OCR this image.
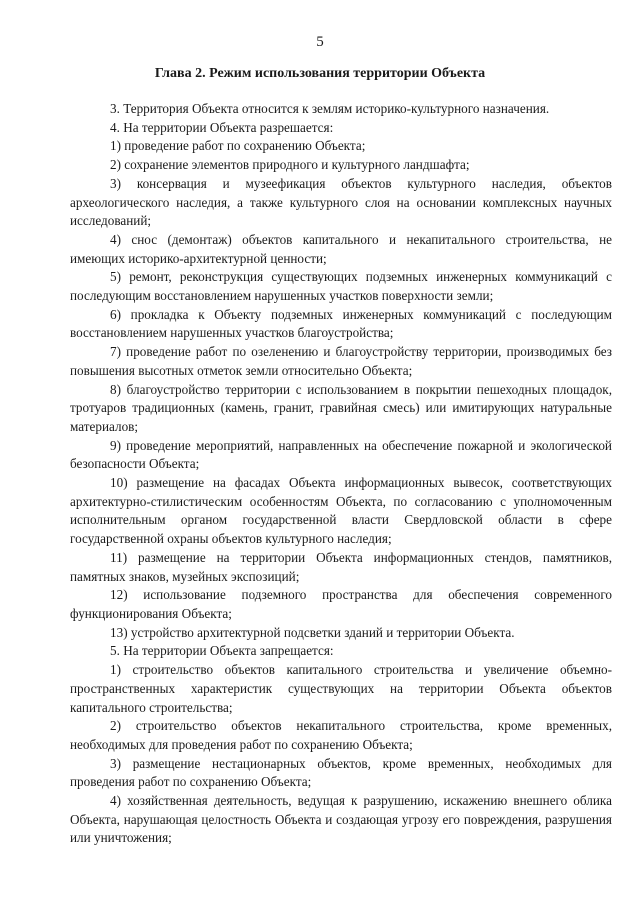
5
Глава 2. Режим использования территории Объекта

3. Территория Объекта относится к землям историко-культурного назначения.

4. На территории Объекта разрешается:

1) проведение работ по сохранению Объекта;

2) сохранение элементов природного и культурного ландшафта;

3) консервация и музеефикация объектов культурного наследия, объектов археологического наследия, а также культурного слоя на основании комплексных научных исследований;

4) снос (демонтаж) объектов капитального и некапитального строительства, не имеющих историко-архитектурной ценности;

5) ремонт, реконструкция существующих подземных инженерных коммуникаций с последующим восстановлением нарушенных участков поверхности земли;

6) прокладка к Объекту подземных инженерных коммуникаций с последующим восстановлением нарушенных участков благоустройства;

7) проведение работ по озеленению и благоустройству территории, производимых без повышения высотных отметок земли относительно Объекта;

8) благоустройство территории с использованием в покрытии пешеходных площадок, тротуаров традиционных (камень, гранит, гравийная смесь) или имитирующих натуральные материалов;

9) проведение мероприятий, направленных на обеспечение пожарной и экологической безопасности Объекта;

10) размещение на фасадах Объекта информационных вывесок, соответствующих архитектурно-стилистическим особенностям Объекта, по согласованию с уполномоченным исполнительным органом государственной власти Свердловской области в сфере государственной охраны объектов культурного наследия;

11) размещение на территории Объекта информационных стендов, памятников, памятных знаков, музейных экспозиций;

12) использование подземного пространства для обеспечения современного функционирования Объекта;

13) устройство архитектурной подсветки зданий и территории Объекта.

5. На территории Объекта запрещается:

1) строительство объектов капитального строительства и увеличение объемно-пространственных характеристик существующих на территории Объекта объектов капитального строительства;

2) строительство объектов некапитального строительства, кроме временных, необходимых для проведения работ по сохранению Объекта;

3) размещение нестационарных объектов, кроме временных, необходимых для проведения работ по сохранению Объекта;

4) хозяйственная деятельность, ведущая к разрушению, искажению внешнего облика Объекта, нарушающая целостность Объекта и создающая угрозу его повреждения, разрушения или уничтожения;
